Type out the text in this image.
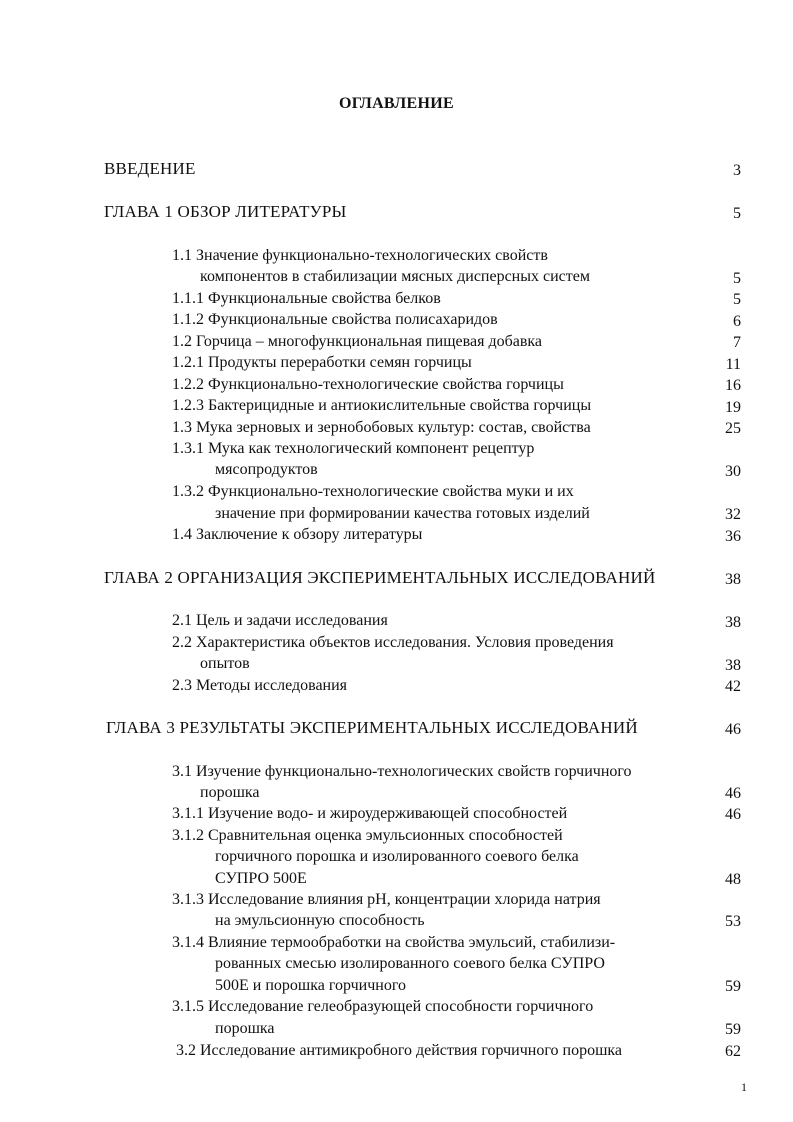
ОГЛАВЛЕНИЕ
ВВЕДЕНИЕ	3
ГЛАВА 1 ОБЗОР ЛИТЕРАТУРЫ	5
1.1 Значение функционально-технологических свойств
компонентов в стабилизации мясных дисперсных систем	5
1.1.1 Функциональные свойства белков	5
1.1.2 Функциональные свойства полисахаридов	6
1.2 Горчица – многофункциональная пищевая добавка	7
1.2.1 Продукты переработки семян горчицы	11
1.2.2 Функционально-технологические свойства горчицы	16
1.2.3 Бактерицидные и антиокислительные свойства горчицы	19
1.3 Мука зерновых и зернобобовых культур: состав, свойства	25
1.3.1 Мука как технологический компонент рецептур
мясопродуктов	30
1.3.2 Функционально-технологические свойства муки и их
значение при формировании качества готовых изделий	32
1.4 Заключение к обзору литературы	36
ГЛАВА 2 ОРГАНИЗАЦИЯ ЭКСПЕРИМЕНТАЛЬНЫХ ИССЛЕДОВАНИЙ	38
2.1 Цель и задачи исследования	38
2.2 Характеристика объектов исследования. Условия проведения
опытов	38
2.3 Методы исследования	42
ГЛАВА 3 РЕЗУЛЬТАТЫ ЭКСПЕРИМЕНТАЛЬНЫХ ИССЛЕДОВАНИЙ	46
3.1 Изучение функционально-технологических свойств горчичного
порошка	46
3.1.1 Изучение водо- и жироудерживающей способностей	46
3.1.2 Сравнительная оценка эмульсионных способностей
горчичного порошка и изолированного соевого белка
СУПРО 500Е	48
3.1.3 Исследование влияния pH, концентрации хлорида натрия
на эмульсионную способность	53
3.1.4 Влияние термообработки на свойства эмульсий, стабилизи-
рованных смесью изолированного соевого белка СУПРО
500Е и порошка горчичного	59
3.1.5 Исследование гелеобразующей способности горчичного
порошка	59
3.2 Исследование антимикробного действия горчичного порошка	62
1
